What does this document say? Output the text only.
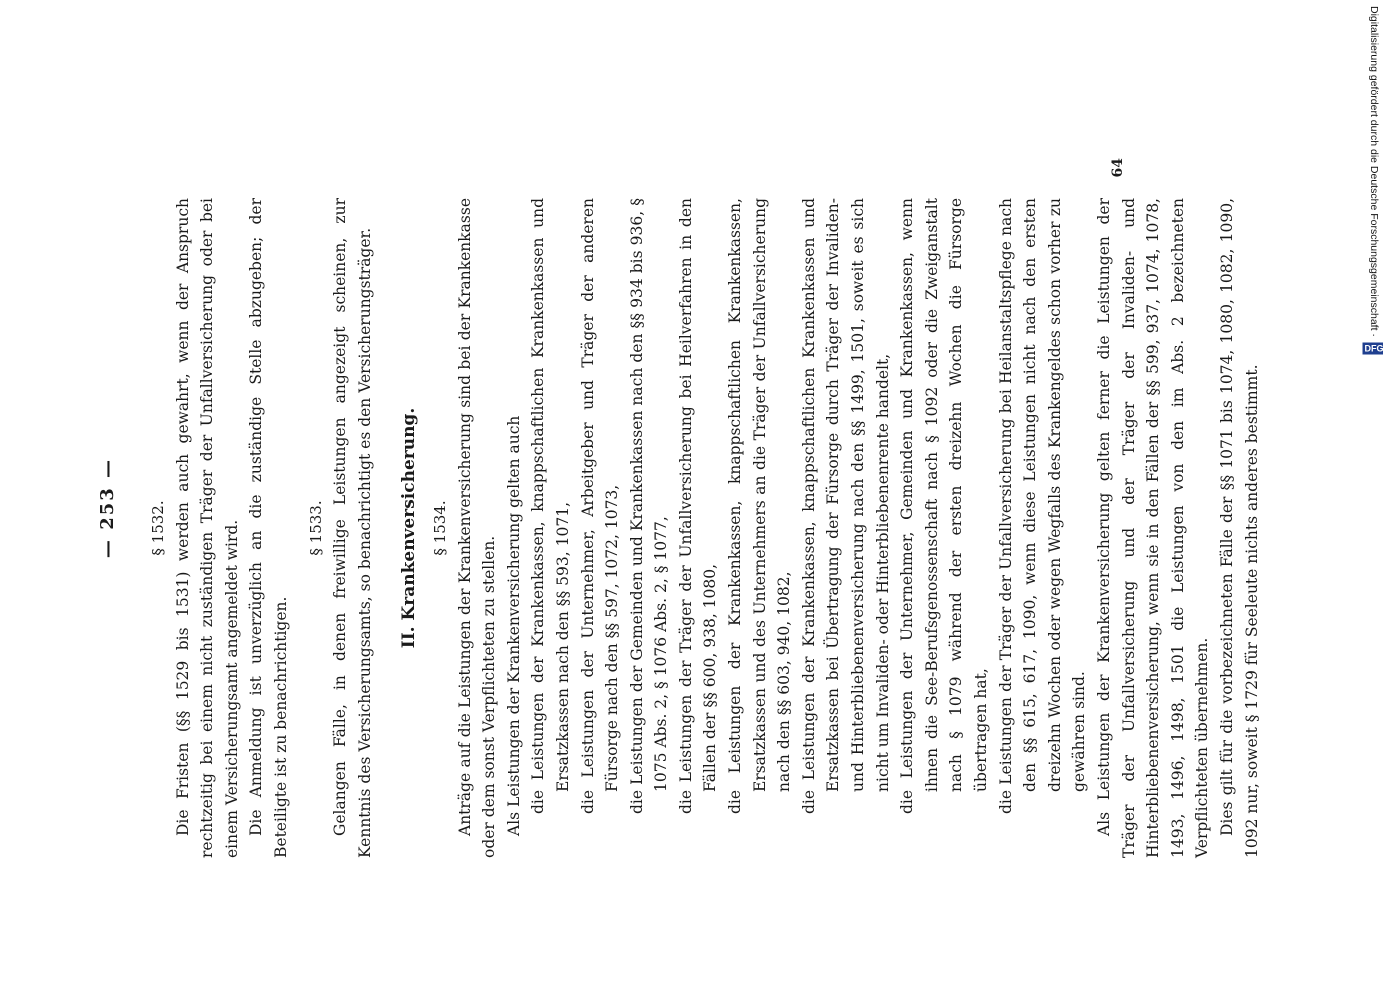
— 253 — § 1532. Die Fristen (§§ 1529 bis 1531) werden auch gewahrt, wenn der Anspruch rechtzeitig bei einem nicht zuständigen Träger der Unfallversicherung oder bei einem Versicherungsamt angemeldet wird. Die Anmeldung ist unverzüglich an die zuständige Stelle abzugeben; der Beteiligte ist zu benachrichtigen.

§ 1533. Gelangen Fälle, in denen freiwillige Leistungen angezeigt scheinen, zur Kenntnis des Versicherungsamts, so benachrichtigt es den Versicherungsträger. II. Krankenversicherung. § 1534. Anträge auf die Leistungen der Krankenversicherung sind bei der Krankenkasse oder dem sonst Verpflichteten zu stellen. Als Leistungen der Krankenversicherung gelten auch die Leistungen der Krankenkassen, knappschaftlichen Krankenkassen und Ersatzkassen nach den §§ 593, 1071, die Leistungen der Unternehmer, Arbeitgeber und Träger der anderen Fürsorge nach den §§ 597, 1072, 1073, die Leistungen der Gemeinden und Krankenkassen nach den §§ 934 bis 936, § 1075 Abs. 2, § 1076 Abs. 2, § 1077, die Leistungen der Träger der Unfallversicherung bei Heilverfahren in den Fällen der §§ 600, 938, 1080, die Leistungen der Krankenkassen, knappschaftlichen Krankenkassen, Ersatzkassen und des Unternehmers an die Träger der Unfallversicherung nach den §§ 603, 940, 1082, die Leistungen der Krankenkassen, knappschaftlichen Krankenkassen und Ersatzkassen bei Übertragung der Fürsorge durch Träger der Invaliden- und Hinterbliebenenversicherung nach den §§ 1499, 1501, soweit es sich nicht um Invaliden- oder Hinterbliebenenrente handelt, die Leistungen der Unternehmer, Gemeinden und Krankenkassen, wenn ihnen die See-Berufsgenossenschaft nach § 1092 oder die Zweiganstalt nach § 1079 während der ersten dreizehn Wochen die Fürsorge übertragen hat, die Leistungen der Träger der Unfallversicherung bei Heilanstaltspflege nach den §§ 615, 617, 1090, wenn diese Leistungen nicht nach den ersten dreizehn Wochen oder wegen Wegfalls des Krankengeldes schon vorher zu gewähren sind. Als Leistungen der Krankenversicherung gelten ferner die Leistungen der Träger der Unfallversicherung und der Träger der Invaliden- und Hinterbliebenenversicherung, wenn sie in den Fällen der §§ 599, 937, 1074, 1078, 1493, 1496, 1498, 1501 die Leistungen von den im Abs. 2 bezeichneten Verpflichteten übernehmen. Dies gilt für die vorbezeichneten Fälle der §§ 1071 bis 1074, 1080, 1082, 1090, 1092 nur, soweit § 1729 für Seeleute nichts anderes bestimmt.

64	Digitalisierung gefördert durch die Deutsche Forschungsgemeinschaft ·
DFG
